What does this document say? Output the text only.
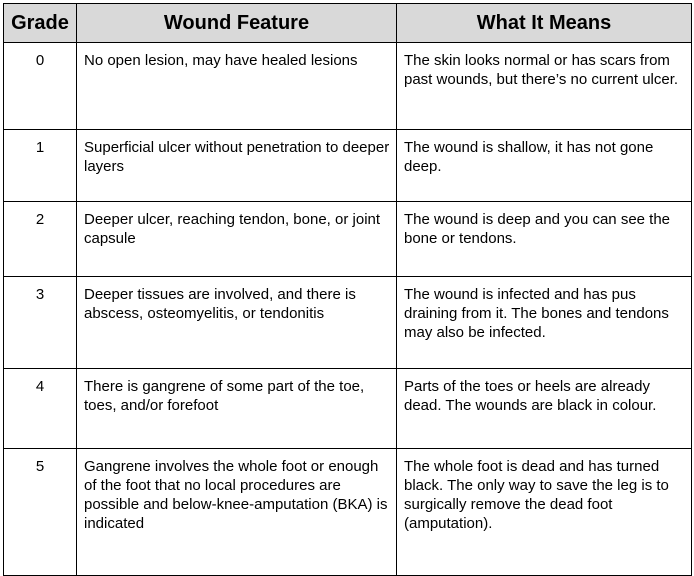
Grade	Wound Feature	What It Means
0	No open lesion, may have healed lesions	The skin looks normal or has scars from past wounds, but there’s no current ulcer.
1	Superficial ulcer without penetration to deeper layers	The wound is shallow, it has not gone deep.
2	Deeper ulcer, reaching tendon, bone, or joint capsule	The wound is deep and you can see the bone or tendons.
3	Deeper tissues are involved, and there is abscess, osteomyelitis, or tendonitis	The wound is infected and has pus draining from it. The bones and tendons may also be infected.
4	There is gangrene of some part of the toe, toes, and/or forefoot	Parts of the toes or heels are already dead. The wounds are black in colour.
5	Gangrene involves the whole foot or enough of the foot that no local procedures are possible and below-knee-amputation (BKA) is indicated	The whole foot is dead and has turned black. The only way to save the leg is to surgically remove the dead foot (amputation).
